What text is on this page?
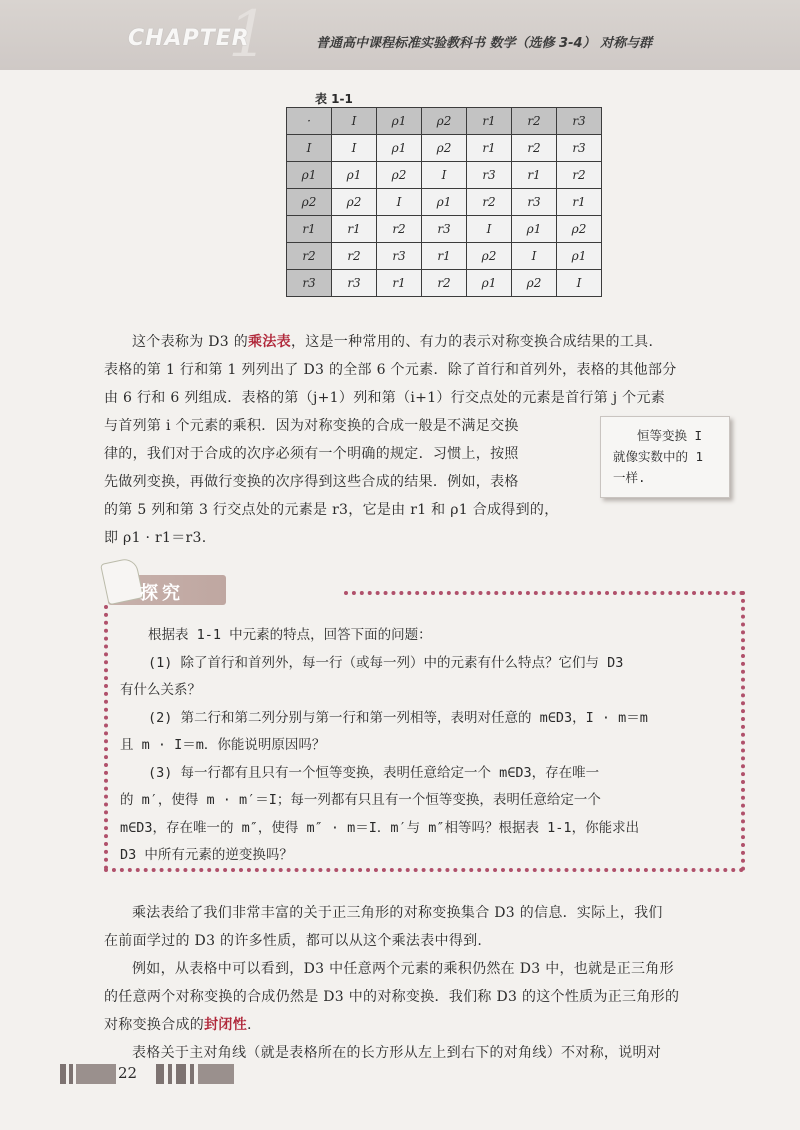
1
CHAPTER	普通高中课程标准实验教科书 数学（选修 3-4） 对称与群
表 1-1
·	I	ρ1	ρ2	r1	r2	r3
I	I	ρ1	ρ2	r1	r2	r3
ρ1	ρ1	ρ2	I	r3	r1	r2
ρ2	ρ2	I	ρ1	r2	r3	r1
r1	r1	r2	r3	I	ρ1	ρ2
r2	r2	r3	r1	ρ2	I	ρ1
r3	r3	r1	r2	ρ1	ρ2	I
这个表称为 D3 的乘法表，这是一种常用的、有力的表示对称变换合成结果的工具.
表格的第 1 行和第 1 列列出了 D3 的全部 6 个元素．除了首行和首列外，表格的其他部分
由 6 行和 6 列组成．表格的第（j+1）列和第（i+1）行交点处的元素是首行第 j 个元素
与首列第 i 个元素的乘积．因为对称变换的合成一般是不满足交换
律的，我们对于合成的次序必须有一个明确的规定．习惯上，按照
先做列变换，再做行变换的次序得到这些合成的结果．例如，表格
的第 5 列和第 3 行交点处的元素是 r3，它是由 r1 和 ρ1 合成得到的，
即 ρ1 · r1＝r3.
恒等变换 I
就像实数中的 1
一样.
探究
根据表 1-1 中元素的特点，回答下面的问题：
(1) 除了首行和首列外，每一行（或每一列）中的元素有什么特点？它们与 D3
有什么关系？
(2) 第二行和第二列分别与第一行和第一列相等，表明对任意的 m∈D3，I · m＝m
且 m · I＝m．你能说明原因吗？
(3) 每一行都有且只有一个恒等变换，表明任意给定一个 m∈D3，存在唯一
的 m′，使得 m · m′＝I；每一列都有只且有一个恒等变换，表明任意给定一个
m∈D3，存在唯一的 m″，使得 m″ · m＝I．m′与 m″相等吗？根据表 1-1，你能求出
D3 中所有元素的逆变换吗？
乘法表给了我们非常丰富的关于正三角形的对称变换集合 D3 的信息．实际上，我们
在前面学过的 D3 的许多性质，都可以从这个乘法表中得到.
例如，从表格中可以看到，D3 中任意两个元素的乘积仍然在 D3 中，也就是正三角形
的任意两个对称变换的合成仍然是 D3 中的对称变换．我们称 D3 的这个性质为正三角形的
对称变换合成的封闭性.
表格关于主对角线（就是表格所在的长方形从左上到右下的对角线）不对称，说明对
22
